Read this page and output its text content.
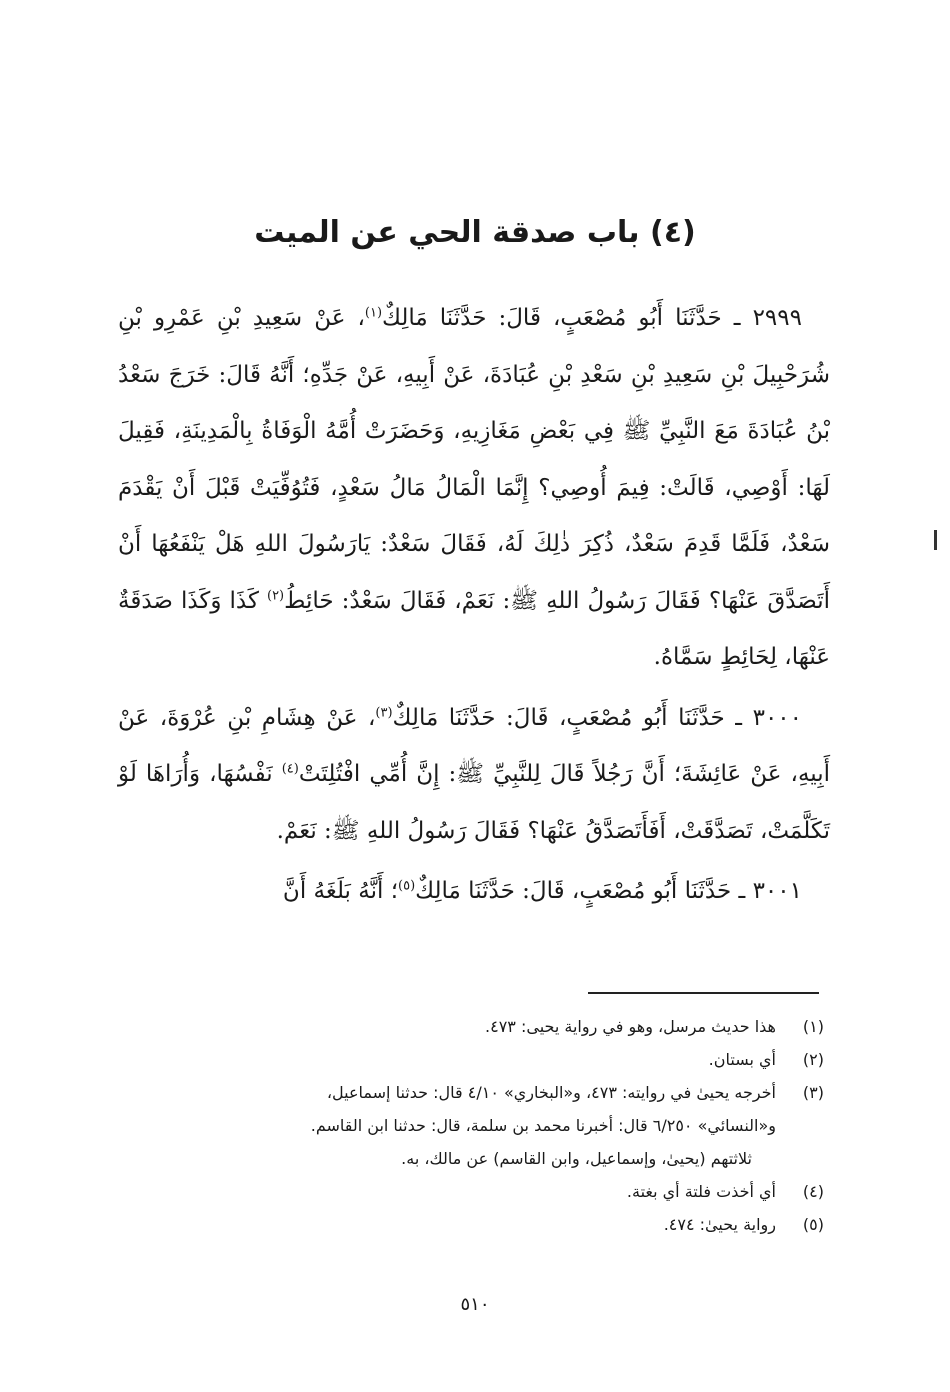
(٤) باب صدقة الحي عن الميت

٢٩٩٩ ـ حَدَّثَنَا أَبُو مُصْعَبٍ، قَالَ: حَدَّثَنَا مَالِكٌ$^{(١)}$، عَنْ سَعِيدِ بْنِ عَمْرِو بْنِ شُرَحْبِيلَ بْنِ سَعِيدِ بْنِ سَعْدِ بْنِ عُبَادَةَ، عَنْ أَبِيهِ، عَنْ جَدِّهِ؛ أَنَّهُ قَالَ: خَرَجَ سَعْدُ بْنُ عُبَادَةَ مَعَ النَّبِيِّ ﷺ فِي بَعْضِ مَغَازِيهِ، وَحَضَرَتْ أُمَّهُ الْوَفَاةُ بِالْمَدِينَةِ، فَقِيلَ لَهَا: أَوْصِي، قَالَتْ: فِيمَ أُوصِي؟ إِنَّمَا الْمَالُ مَالُ سَعْدٍ، فَتُوُفِّيَتْ قَبْلَ أَنْ يَقْدَمَ سَعْدٌ، فَلَمَّا قَدِمَ سَعْدٌ، ذُكِرَ ذٰلِكَ لَهُ، فَقَالَ سَعْدٌ: يَارَسُولَ اللهِ هَلْ يَنْفَعُهَا أَنْ أَتَصَدَّقَ عَنْهَا؟ فَقَالَ رَسُولُ اللهِ ﷺ: نَعَمْ، فَقَالَ سَعْدٌ: حَائِطُ$^{(٢)}$ كَذَا وَكَذَا صَدَقَةٌ عَنْهَا، لِحَائِطٍ سَمَّاهُ.

٣٠٠٠ ـ حَدَّثَنَا أَبُو مُصْعَبٍ، قَالَ: حَدَّثَنَا مَالِكٌ$^{(٣)}$، عَنْ هِشَامِ بْنِ عُرْوَةَ، عَنْ أَبِيهِ، عَنْ عَائِشَةَ؛ أَنَّ رَجُلاً قَالَ لِلنَّبِيِّ ﷺ: إِنَّ أُمِّي افْتُلِتَتْ$^{(٤)}$ نَفْسُهَا، وَأُرَاهَا لَوْ تَكَلَّمَتْ، تَصَدَّقَتْ، أَفَأَتَصَدَّقُ عَنْهَا؟ فَقَالَ رَسُولُ اللهِ ﷺ: نَعَمْ.

٣٠٠١ ـ حَدَّثَنَا أَبُو مُصْعَبٍ، قَالَ: حَدَّثَنَا مَالِكٌ$^{(٥)}$؛ أَنَّهُ بَلَغَهُ أَنَّ

(١)
هذا حديث مرسل، وهو في رواية يحيى: ٤٧٣.
(٢)
أي بستان.
(٣)
أخرجه يحيىٰ في روايته: ٤٧٣، و«البخاري» ٤/١٠ قال: حدثنا إسماعيل،
و«النسائي» ٦/٢٥٠ قال: أخبرنا محمد بن سلمة، قال: حدثنا ابن القاسم.
ثلاثتهم (يحيىٰ، وإسماعيل، وابن القاسم) عن مالك، به.
(٤)
أي أخذت فلتة أي بغتة.
(٥)
رواية يحيىٰ: ٤٧٤.
٥١٠
